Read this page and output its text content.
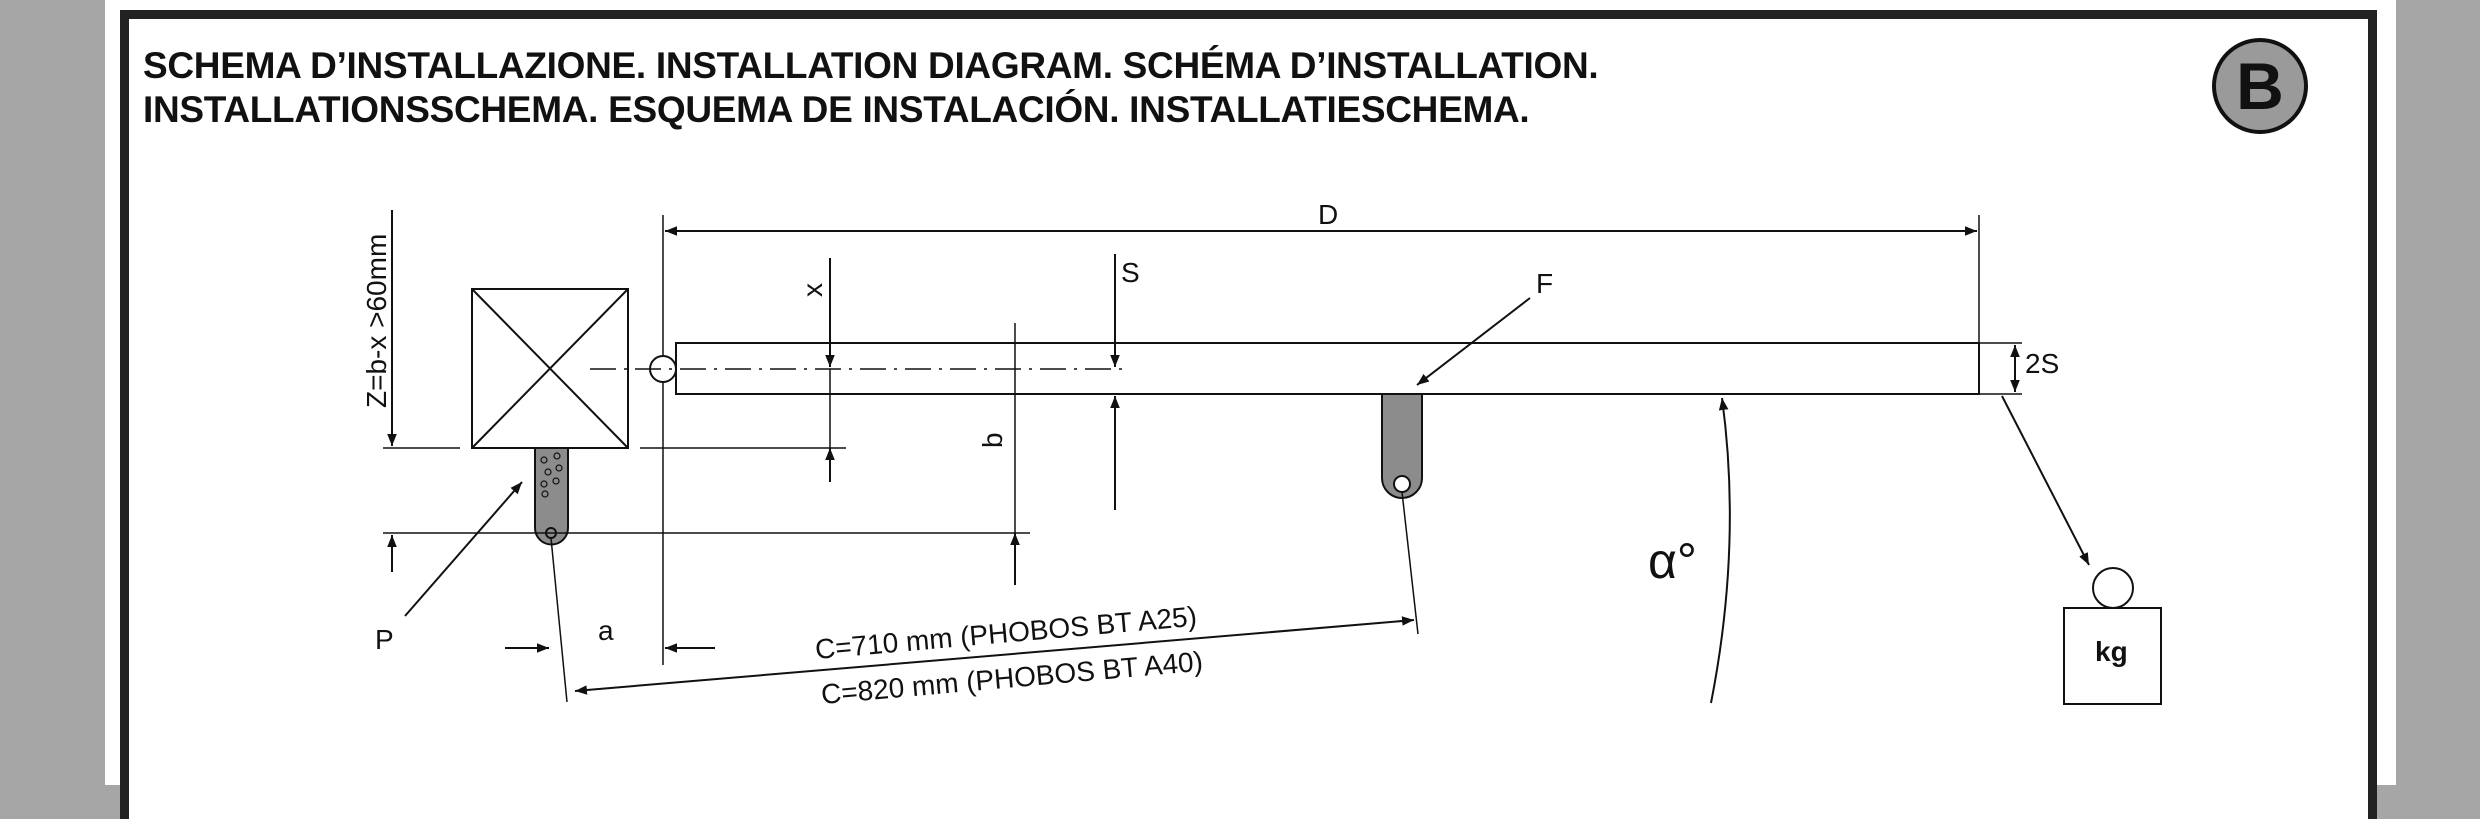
SCHEMA D’INSTALLAZIONE. INSTALLATION DIAGRAM. SCHÉMA D’INSTALLATION.
INSTALLATIONSSCHEMA. ESQUEMA DE INSTALACIÓN. INSTALLATIESCHEMA.	B
Z=b-x >60mm
D
x
S	F
2S
b
P	a
α°
kg
C=710 mm (PHOBOS BT A25)
C=820 mm (PHOBOS BT A40)
